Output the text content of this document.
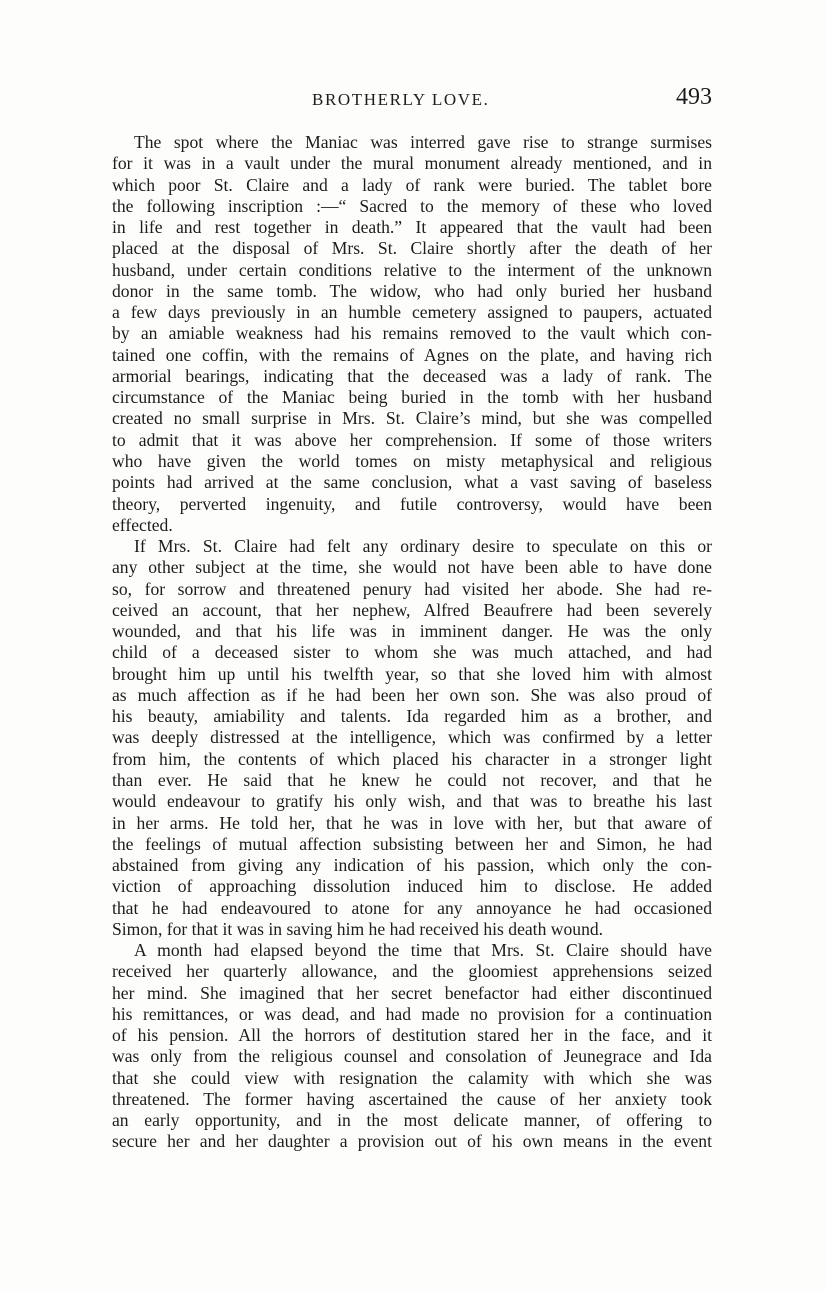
BROTHERLY LOVE.	493
The spot where the Maniac was interred gave rise to strange surmises
for it was in a vault under the mural monument already mentioned, and in
which poor St. Claire and a lady of rank were buried. The tablet bore
the following inscription :—“ Sacred to the memory of these who loved
in life and rest together in death.” It appeared that the vault had been
placed at the disposal of Mrs. St. Claire shortly after the death of her
husband, under certain conditions relative to the interment of the unknown
donor in the same tomb. The widow, who had only buried her husband
a few days previously in an humble cemetery assigned to paupers, actuated
by an amiable weakness had his remains removed to the vault which con-
tained one coffin, with the remains of Agnes on the plate, and having rich
armorial bearings, indicating that the deceased was a lady of rank. The
circumstance of the Maniac being buried in the tomb with her husband
created no small surprise in Mrs. St. Claire’s mind, but she was compelled
to admit that it was above her comprehension. If some of those writers
who have given the world tomes on misty metaphysical and religious
points had arrived at the same conclusion, what a vast saving of baseless
theory, perverted ingenuity, and futile controversy, would have been
effected.
If Mrs. St. Claire had felt any ordinary desire to speculate on this or
any other subject at the time, she would not have been able to have done
so, for sorrow and threatened penury had visited her abode. She had re-
ceived an account, that her nephew, Alfred Beaufrere had been severely
wounded, and that his life was in imminent danger. He was the only
child of a deceased sister to whom she was much attached, and had
brought him up until his twelfth year, so that she loved him with almost
as much affection as if he had been her own son. She was also proud of
his beauty, amiability and talents. Ida regarded him as a brother, and
was deeply distressed at the intelligence, which was confirmed by a letter
from him, the contents of which placed his character in a stronger light
than ever. He said that he knew he could not recover, and that he
would endeavour to gratify his only wish, and that was to breathe his last
in her arms. He told her, that he was in love with her, but that aware of
the feelings of mutual affection subsisting between her and Simon, he had
abstained from giving any indication of his passion, which only the con-
viction of approaching dissolution induced him to disclose. He added
that he had endeavoured to atone for any annoyance he had occasioned
Simon, for that it was in saving him he had received his death wound.
A month had elapsed beyond the time that Mrs. St. Claire should have
received her quarterly allowance, and the gloomiest apprehensions seized
her mind. She imagined that her secret benefactor had either discontinued
his remittances, or was dead, and had made no provision for a continuation
of his pension. All the horrors of destitution stared her in the face, and it
was only from the religious counsel and consolation of Jeunegrace and Ida
that she could view with resignation the calamity with which she was
threatened. The former having ascertained the cause of her anxiety took
an early opportunity, and in the most delicate manner, of offering to
secure her and her daughter a provision out of his own means in the event
